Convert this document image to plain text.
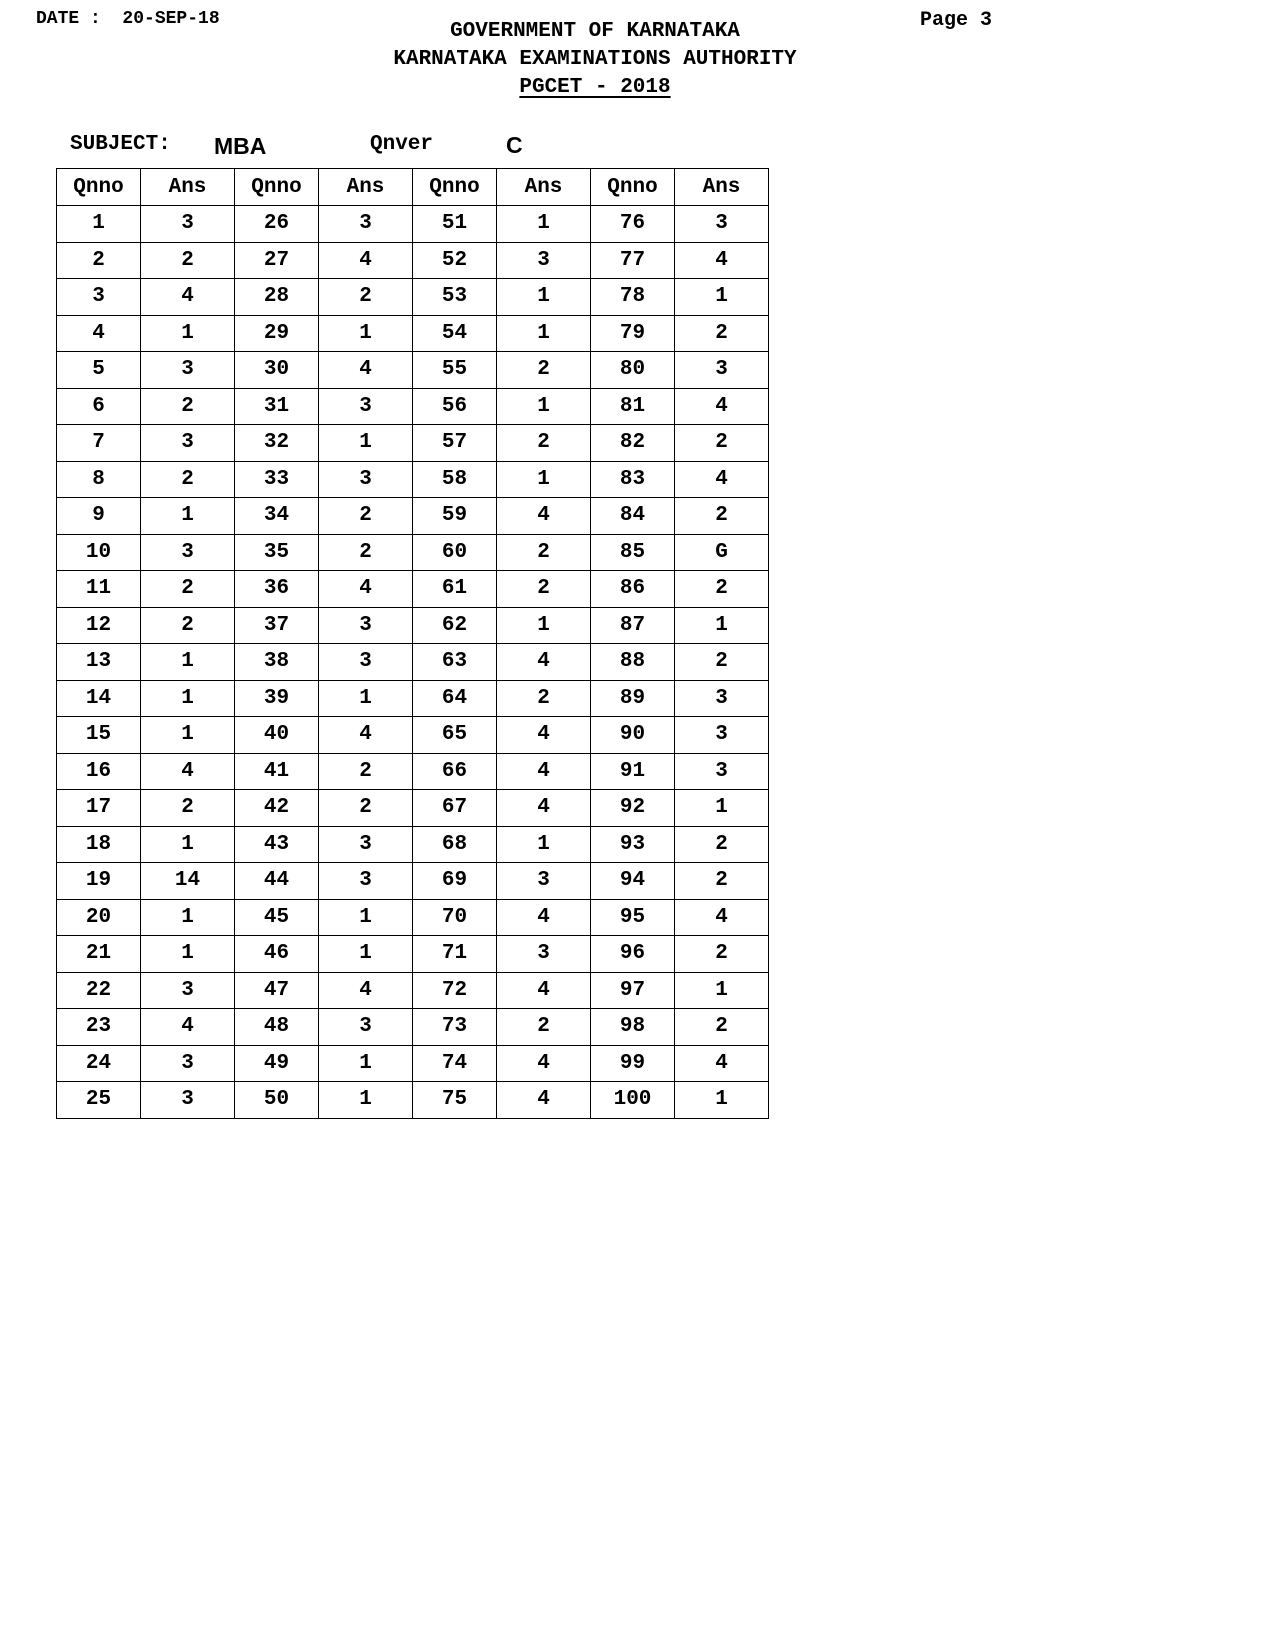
DATE : 20-SEP-18	Page 3
GOVERNMENT OF KARNATAKA
KARNATAKA EXAMINATIONS AUTHORITY
PGCET - 2018
SUBJECT: MBA	Qnver	C
Qnno	Ans	Qnno	Ans	Qnno	Ans	Qnno	Ans
1	3	26	3	51	1	76	3
2	2	27	4	52	3	77	4
3	4	28	2	53	1	78	1
4	1	29	1	54	1	79	2
5	3	30	4	55	2	80	3
6	2	31	3	56	1	81	4
7	3	32	1	57	2	82	2
8	2	33	3	58	1	83	4
9	1	34	2	59	4	84	2
10	3	35	2	60	2	85	G
11	2	36	4	61	2	86	2
12	2	37	3	62	1	87	1
13	1	38	3	63	4	88	2
14	1	39	1	64	2	89	3
15	1	40	4	65	4	90	3
16	4	41	2	66	4	91	3
17	2	42	2	67	4	92	1
18	1	43	3	68	1	93	2
19	14	44	3	69	3	94	2
20	1	45	1	70	4	95	4
21	1	46	1	71	3	96	2
22	3	47	4	72	4	97	1
23	4	48	3	73	2	98	2
24	3	49	1	74	4	99	4
25	3	50	1	75	4	100	1
